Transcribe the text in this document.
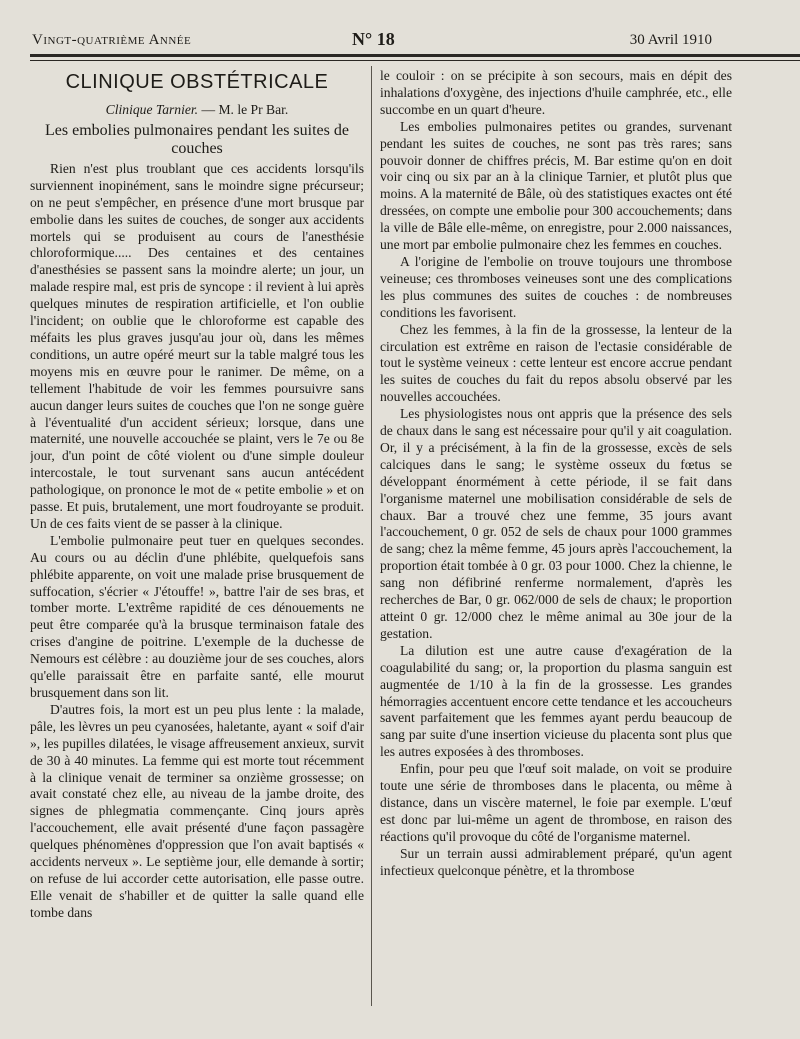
Vingt-quatrième Année	N° 18	30 Avril 1910
CLINIQUE OBSTÉTRICALE
Clinique Tarnier. — M. le Pr Bar.
Les embolies pulmonaires pendant les suites de couches

Rien n'est plus troublant que ces accidents lorsqu'ils surviennent inopinément, sans le moindre signe précurseur; on ne peut s'empêcher, en présence d'une mort brusque par embolie dans les suites de couches, de songer aux accidents mortels qui se produisent au cours de l'anesthésie chloroformique..... Des centaines et des centaines d'anesthésies se passent sans la moindre alerte; un jour, un malade respire mal, est pris de syncope : il revient à lui après quelques minutes de respiration artificielle, et l'on oublie l'incident; on oublie que le chloroforme est capable des méfaits les plus graves jusqu'au jour où, dans les mêmes conditions, un autre opéré meurt sur la table malgré tous les moyens mis en œuvre pour le ranimer. De même, on a tellement l'habitude de voir les femmes poursuivre sans aucun danger leurs suites de couches que l'on ne songe guère à l'éventualité d'un accident sérieux; lorsque, dans une maternité, une nouvelle accouchée se plaint, vers le 7e ou 8e jour, d'un point de côté violent ou d'une simple douleur intercostale, le tout survenant sans aucun antécédent pathologique, on prononce le mot de « petite embolie » et on passe. Et puis, brutalement, une mort foudroyante se produit. Un de ces faits vient de se passer à la clinique.

L'embolie pulmonaire peut tuer en quelques secondes. Au cours ou au déclin d'une phlébite, quelquefois sans phlébite apparente, on voit une malade prise brusquement de suffocation, s'écrier « J'étouffe! », battre l'air de ses bras, et tomber morte. L'extrême rapidité de ces dénouements ne peut être comparée qu'à la brusque terminaison fatale des crises d'angine de poitrine. L'exemple de la duchesse de Nemours est célèbre : au douzième jour de ses couches, alors qu'elle paraissait être en parfaite santé, elle mourut brusquement dans son lit.

D'autres fois, la mort est un peu plus lente : la malade, pâle, les lèvres un peu cyanosées, haletante, ayant « soif d'air », les pupilles dilatées, le visage affreusement anxieux, survit de 30 à 40 minutes. La femme qui est morte tout récemment à la clinique venait de terminer sa onzième grossesse; on avait constaté chez elle, au niveau de la jambe droite, des signes de phlegmatia commençante. Cinq jours après l'accouchement, elle avait présenté d'une façon passagère quelques phénomènes d'oppression que l'on avait baptisés « accidents nerveux ». Le septième jour, elle demande à sortir; on refuse de lui accorder cette autorisation, elle passe outre. Elle venait de s'habiller et de quitter la salle quand elle tombe dans

le couloir : on se précipite à son secours, mais en dépit des inhalations d'oxygène, des injections d'huile camphrée, etc., elle succombe en un quart d'heure.

Les embolies pulmonaires petites ou grandes, survenant pendant les suites de couches, ne sont pas très rares; sans pouvoir donner de chiffres précis, M. Bar estime qu'on en doit voir cinq ou six par an à la clinique Tarnier, et plutôt plus que moins. A la maternité de Bâle, où des statistiques exactes ont été dressées, on compte une embolie pour 300 accouchements; dans la ville de Bâle elle-même, on enregistre, pour 2.000 naissances, une mort par embolie pulmonaire chez les femmes en couches.

A l'origine de l'embolie on trouve toujours une thrombose veineuse; ces thromboses veineuses sont une des complications les plus communes des suites de couches : de nombreuses conditions les favorisent.

Chez les femmes, à la fin de la grossesse, la lenteur de la circulation est extrême en raison de l'ectasie considérable de tout le système veineux : cette lenteur est encore accrue pendant les suites de couches du fait du repos absolu observé par les nouvelles accouchées.

Les physiologistes nous ont appris que la présence des sels de chaux dans le sang est nécessaire pour qu'il y ait coagulation. Or, il y a précisément, à la fin de la grossesse, excès de sels calciques dans le sang; le système osseux du fœtus se développant énormément à cette période, il se fait dans l'organisme maternel une mobilisation considérable de sels de chaux. Bar a trouvé chez une femme, 35 jours avant l'accouchement, 0 gr. 052 de sels de chaux pour 1000 grammes de sang; chez la même femme, 45 jours après l'accouchement, la proportion était tombée à 0 gr. 03 pour 1000. Chez la chienne, le sang non défibriné renferme normalement, d'après les recherches de Bar, 0 gr. 062/000 de sels de chaux; le proportion atteint 0 gr. 12/000 chez le même animal au 30e jour de la gestation.

La dilution est une autre cause d'exagération de la coagulabilité du sang; or, la proportion du plasma sanguin est augmentée de 1/10 à la fin de la grossesse. Les grandes hémorragies accentuent encore cette tendance et les accoucheurs savent parfaitement que les femmes ayant perdu beaucoup de sang par suite d'une insertion vicieuse du placenta sont plus que les autres exposées à des thromboses.

Enfin, pour peu que l'œuf soit malade, on voit se produire toute une série de thromboses dans le placenta, ou même à distance, dans un viscère maternel, le foie par exemple. L'œuf est donc par lui-même un agent de thrombose, en raison des réactions qu'il provoque du côté de l'organisme maternel.

Sur un terrain aussi admirablement préparé, qu'un agent infectieux quelconque pénètre, et la thrombose
